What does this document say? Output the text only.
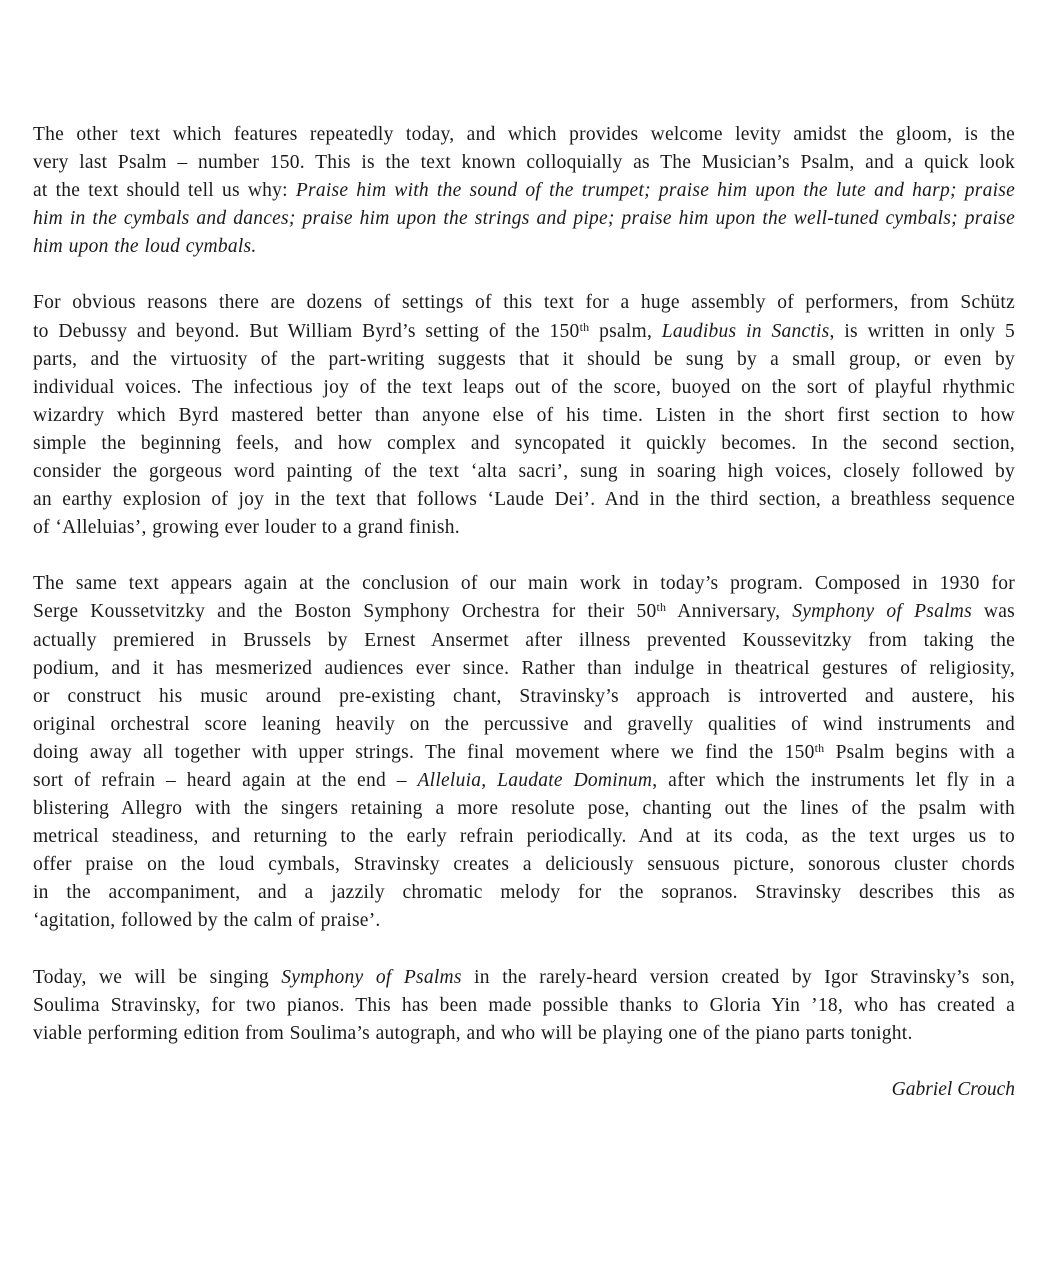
The other text which features repeatedly today, and which provides welcome levity amidst the gloom, is the
very last Psalm – number 150. This is the text known colloquially as The Musician’s Psalm, and a quick look
at the text should tell us why: Praise him with the sound of the trumpet; praise him upon the lute and harp; praise
him in the cymbals and dances; praise him upon the strings and pipe; praise him upon the well-tuned cymbals; praise
him upon the loud cymbals.
For obvious reasons there are dozens of settings of this text for a huge assembly of performers, from Schütz
to Debussy and beyond. But William Byrd’s setting of the 150th psalm, Laudibus in Sanctis, is written in only 5
parts, and the virtuosity of the part-writing suggests that it should be sung by a small group, or even by
individual voices. The infectious joy of the text leaps out of the score, buoyed on the sort of playful rhythmic
wizardry which Byrd mastered better than anyone else of his time. Listen in the short first section to how
simple the beginning feels, and how complex and syncopated it quickly becomes. In the second section,
consider the gorgeous word painting of the text ‘alta sacri’, sung in soaring high voices, closely followed by
an earthy explosion of joy in the text that follows ‘Laude Dei’. And in the third section, a breathless sequence
of ‘Alleluias’, growing ever louder to a grand finish.
The same text appears again at the conclusion of our main work in today’s program. Composed in 1930 for
Serge Koussetvitzky and the Boston Symphony Orchestra for their 50th Anniversary, Symphony of Psalms was
actually premiered in Brussels by Ernest Ansermet after illness prevented Koussevitzky from taking the
podium, and it has mesmerized audiences ever since. Rather than indulge in theatrical gestures of religiosity,
or construct his music around pre-existing chant, Stravinsky’s approach is introverted and austere, his
original orchestral score leaning heavily on the percussive and gravelly qualities of wind instruments and
doing away all together with upper strings. The final movement where we find the 150th Psalm begins with a
sort of refrain – heard again at the end – Alleluia, Laudate Dominum, after which the instruments let fly in a
blistering Allegro with the singers retaining a more resolute pose, chanting out the lines of the psalm with
metrical steadiness, and returning to the early refrain periodically. And at its coda, as the text urges us to
offer praise on the loud cymbals, Stravinsky creates a deliciously sensuous picture, sonorous cluster chords
in the accompaniment, and a jazzily chromatic melody for the sopranos. Stravinsky describes this as
‘agitation, followed by the calm of praise’.
Today, we will be singing Symphony of Psalms in the rarely-heard version created by Igor Stravinsky’s son,
Soulima Stravinsky, for two pianos. This has been made possible thanks to Gloria Yin ’18, who has created a
viable performing edition from Soulima’s autograph, and who will be playing one of the piano parts tonight.
Gabriel Crouch
